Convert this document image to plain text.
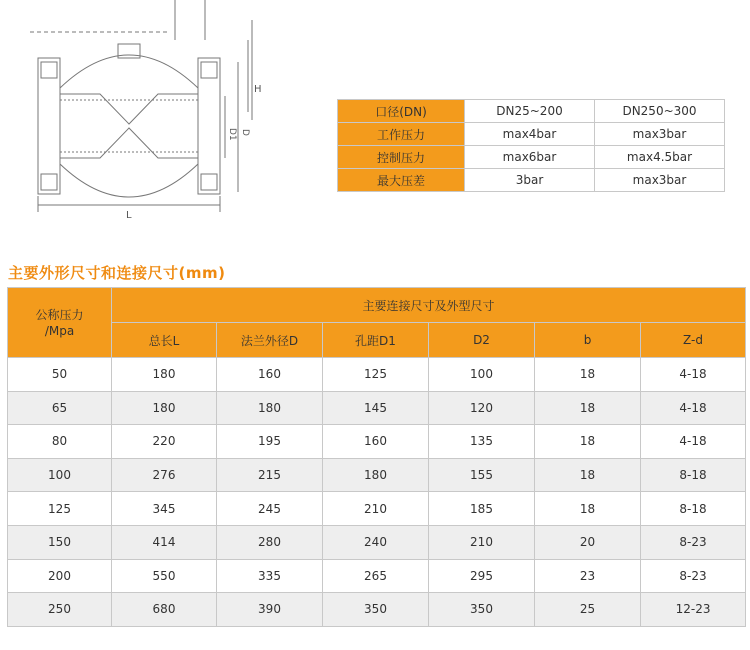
H
D1 D
L
口径(DN)	DN25~200	DN250~300
工作压力	max4bar	max3bar
控制压力	max6bar	max4.5bar
最大压差	3bar	max3bar
主要外形尺寸和连接尺寸(mm)
公称压力
/Mpa	主要连接尺寸及外型尺寸					
	总长L	法兰外径D	孔距D1	D2	b	Z-d
50	180	160	125	100	18	4-18
65	180	180	145	120	18	4-18
80	220	195	160	135	18	4-18
100	276	215	180	155	18	8-18
125	345	245	210	185	18	8-18
150	414	280	240	210	20	8-23
200	550	335	265	295	23	8-23
250	680	390	350	350	25	12-23
